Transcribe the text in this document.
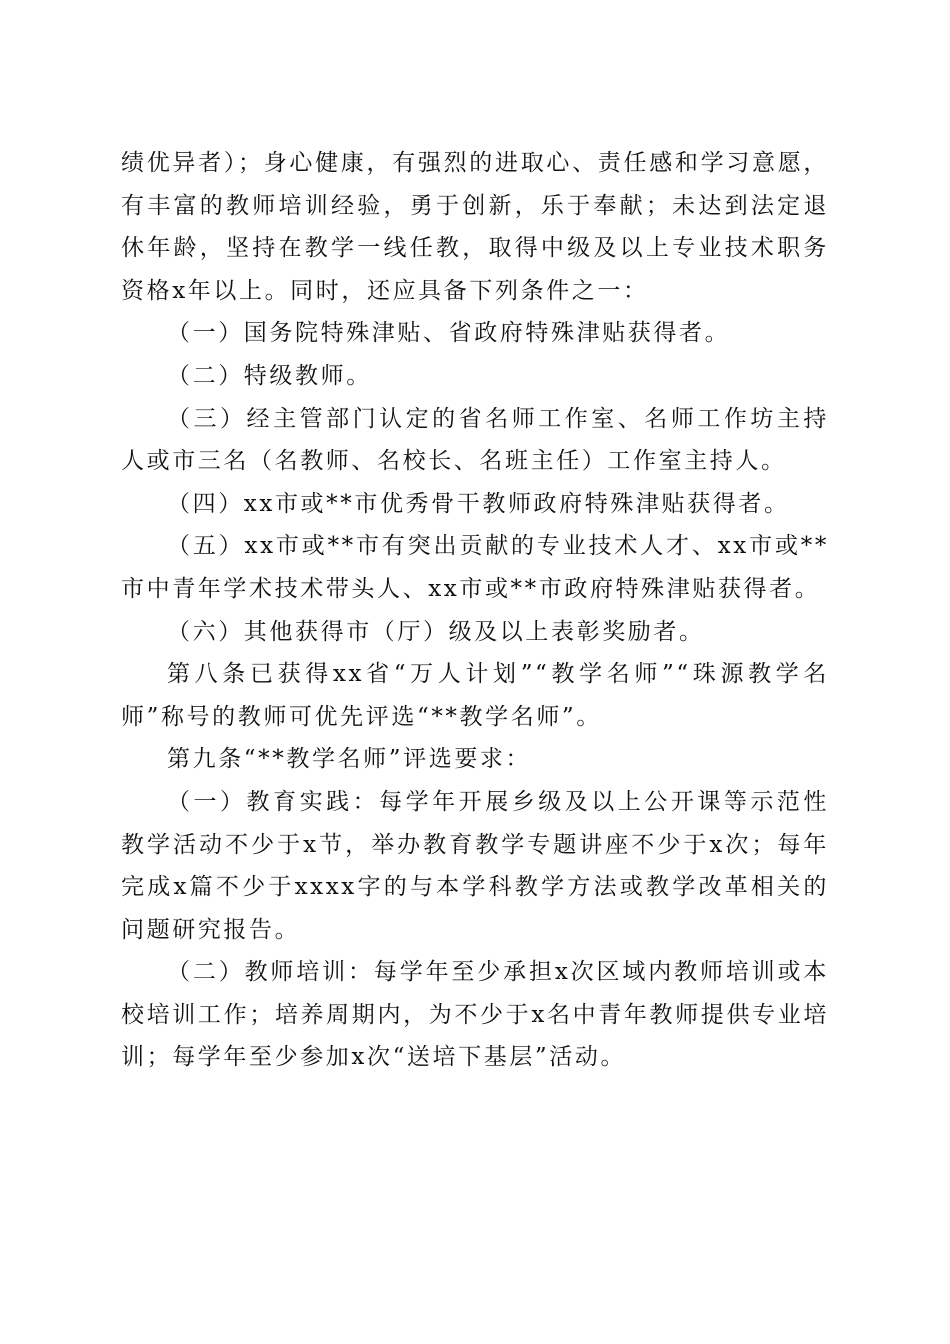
绩优异者）；身心健康，有强烈的进取心、责任感和学习意愿，有丰富的教师培训经验，勇于创新，乐于奉献；未达到法定退休年龄，坚持在教学一线任教，取得中级及以上专业技术职务资格x年以上。同时，还应具备下列条件之一：

（一）国务院特殊津贴、省政府特殊津贴获得者。

（二）特级教师。

（三）经主管部门认定的省名师工作室、名师工作坊主持人或市三名（名教师、名校长、名班主任）工作室主持人。

（四）xx市或**市优秀骨干教师政府特殊津贴获得者。

（五）xx市或**市有突出贡献的专业技术人才、xx市或**市中青年学术技术带头人、xx市或**市政府特殊津贴获得者。

（六）其他获得市（厅）级及以上表彰奖励者。

第八条已获得xx省“万人计划”“教学名师”“珠源教学名师”称号的教师可优先评选“**教学名师”。

第九条“**教学名师”评选要求：

（一）教育实践：每学年开展乡级及以上公开课等示范性教学活动不少于x节，举办教育教学专题讲座不少于x次；每年完成x篇不少于xxxx字的与本学科教学方法或教学改革相关的问题研究报告。

（二）教师培训：每学年至少承担x次区域内教师培训或本校培训工作；培养周期内，为不少于x名中青年教师提供专业培训；每学年至少参加x次“送培下基层”活动。
